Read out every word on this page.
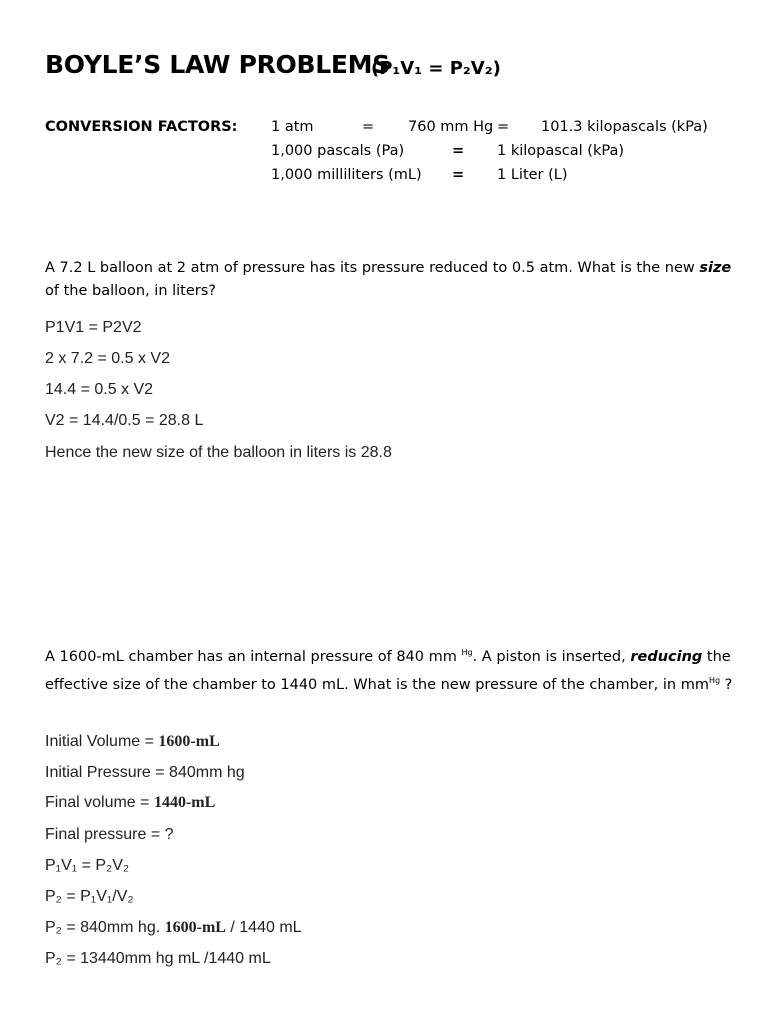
BOYLE’S LAW PROBLEMS
(P₁V₁ = P₂V₂)
CONVERSION FACTORS: 1 atm	= 760 mm Hg = 101.3 kilopascals (kPa)
1,000 pascals (Pa)	= 1 kilopascal (kPa)
1,000 milliliters (mL) = 1 Liter (L)
A 7.2 L balloon at 2 atm of pressure has its pressure reduced to 0.5 atm. What is the new size
of the balloon, in liters?
P1V1 = P2V2
2 x 7.2 = 0.5 x V2
14.4 = 0.5 x V2
V2 = 14.4/0.5 = 28.8 L
Hence the new size of the balloon in liters is 28.8
A 1600-mL chamber has an internal pressure of 840 mm $^{Hg}$. A piston is inserted, reducing the
effective size of the chamber to 1440 mL. What is the new pressure of the chamber, in $mm^{Hg}$ ?
Initial Volume = 1600-mL
Initial Pressure = 840mm hg
Final volume = 1440-mL
Final pressure = ?
P₁V₁ = P₂V₂
P₂ = P₁V₁/V₂
P₂ = 840mm hg. 1600-mL / 1440 mL
P₂ = 13440mm hg mL /1440 mL
